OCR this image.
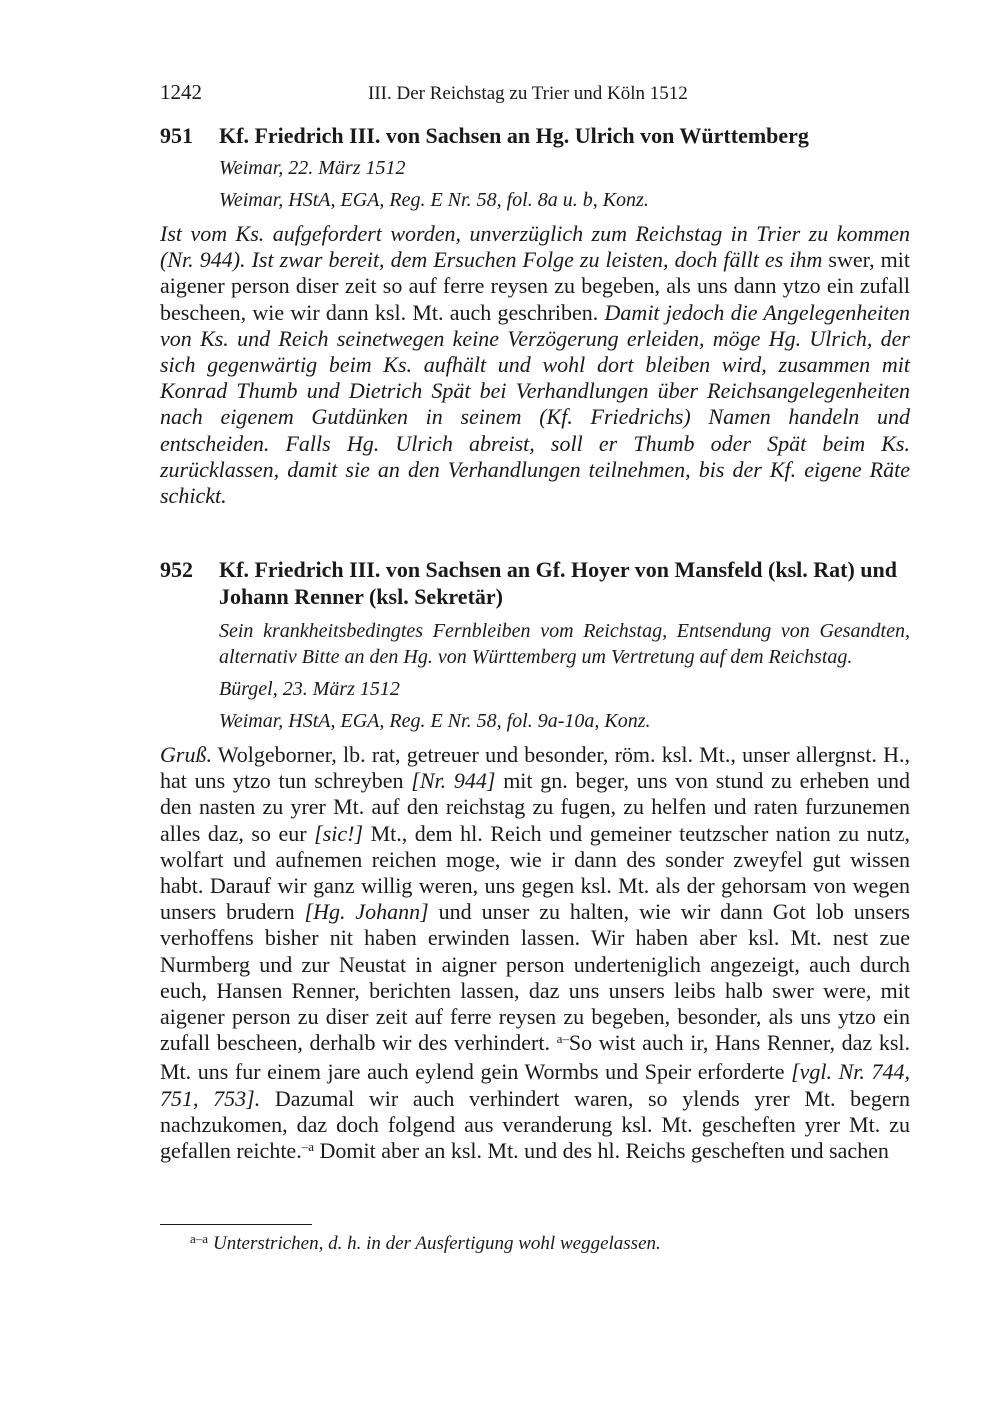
1242	III. Der Reichstag zu Trier und Köln 1512
951 Kf. Friedrich III. von Sachsen an Hg. Ulrich von Württemberg
Weimar, 22. März 1512
Weimar, HStA, EGA, Reg. E Nr. 58, fol. 8a u. b, Konz.
Ist vom Ks. aufgefordert worden, unverzüglich zum Reichstag in Trier zu kommen (Nr. 944). Ist zwar bereit, dem Ersuchen Folge zu leisten, doch fällt es ihm swer, mit aigener person diser zeit so auf ferre reysen zu begeben, als uns dann ytzo ein zufall bescheen, wie wir dann ksl. Mt. auch geschriben. Damit jedoch die Angelegenheiten von Ks. und Reich seinetwegen keine Verzögerung erleiden, möge Hg. Ulrich, der sich gegenwärtig beim Ks. aufhält und wohl dort bleiben wird, zusammen mit Konrad Thumb und Dietrich Spät bei Verhandlungen über Reichsangelegenheiten nach eigenem Gutdünken in seinem (Kf. Friedrichs) Namen handeln und entscheiden. Falls Hg. Ulrich abreist, soll er Thumb oder Spät beim Ks. zurücklassen, damit sie an den Verhandlungen teilnehmen, bis der Kf. eigene Räte schickt.
952 Kf. Friedrich III. von Sachsen an Gf. Hoyer von Mansfeld (ksl. Rat) und Johann Renner (ksl. Sekretär)
Sein krankheitsbedingtes Fernbleiben vom Reichstag, Entsendung von Gesandten, alternativ Bitte an den Hg. von Württemberg um Vertretung auf dem Reichstag.
Bürgel, 23. März 1512
Weimar, HStA, EGA, Reg. E Nr. 58, fol. 9a-10a, Konz.
Gruß. Wolgeborner, lb. rat, getreuer und besonder, röm. ksl. Mt., unser allergnst. H., hat uns ytzo tun schreyben [Nr. 944] mit gn. beger, uns von stund zu erheben und den nasten zu yrer Mt. auf den reichstag zu fugen, zu helfen und raten furzunemen alles daz, so eur [sic!] Mt., dem hl. Reich und gemeiner teutzscher nation zu nutz, wolfart und aufnemen reichen moge, wie ir dann des sonder zweyfel gut wissen habt. Darauf wir ganz willig weren, uns gegen ksl. Mt. als der gehorsam von wegen unsers brudern [Hg. Johann] und unser zu halten, wie wir dann Got lob unsers verhoffens bisher nit haben erwinden lassen. Wir haben aber ksl. Mt. nest zue Nurmberg und zur Neustat in aigner person underteniglich angezeigt, auch durch euch, Hansen Renner, berichten lassen, daz uns unsers leibs halb swer were, mit aigener person zu diser zeit auf ferre reysen zu begeben, besonder, als uns ytzo ein zufall bescheen, derhalb wir des verhindert. $^{a-}$So wist auch ir, Hans Renner, daz ksl. Mt. uns fur einem jare auch eylend gein Wormbs und Speir erforderte [vgl. Nr. 744, 751, 753]. Dazumal wir auch verhindert waren, so ylends yrer Mt. begern nachzukomen, daz doch folgend aus veranderung ksl. Mt. gescheften yrer Mt. zu gefallen reichte.$^{-a}$ Domit aber an ksl. Mt. und des hl. Reichs gescheften und sachen
$^{a-a}$ Unterstrichen, d. h. in der Ausfertigung wohl weggelassen.
